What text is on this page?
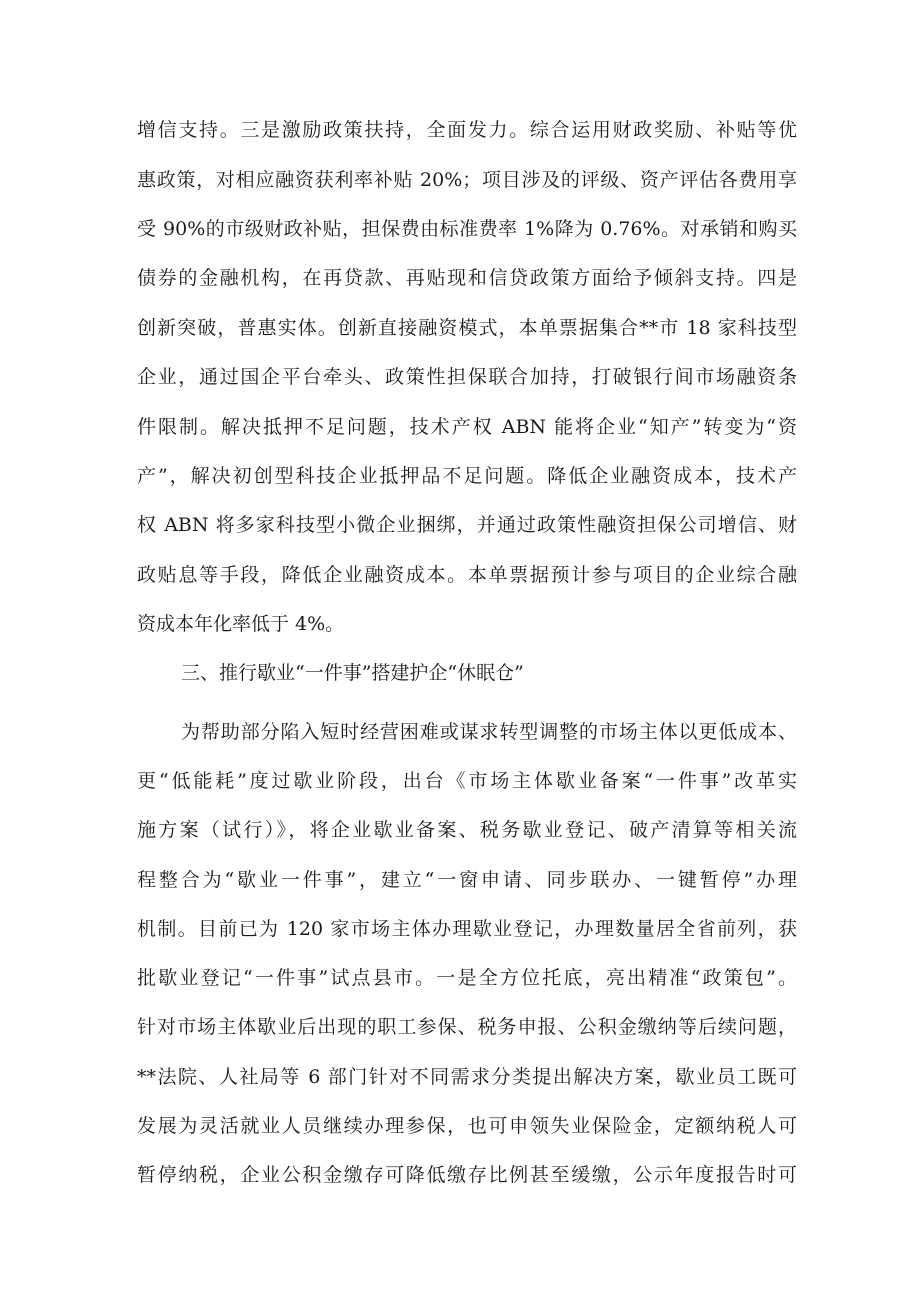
增信支持。三是激励政策扶持，全面发力。综合运用财政奖励、补贴等优
惠政策，对相应融资获利率补贴 20%；项目涉及的评级、资产评估各费用享
受 90%的市级财政补贴，担保费由标准费率 1%降为 0.76%。对承销和购买
债券的金融机构，在再贷款、再贴现和信贷政策方面给予倾斜支持。四是
创新突破，普惠实体。创新直接融资模式，本单票据集合**市 18 家科技型
企业，通过国企平台牵头、政策性担保联合加持，打破银行间市场融资条
件限制。解决抵押不足问题，技术产权 ABN 能将企业“知产”转变为“资
产”，解决初创型科技企业抵押品不足问题。降低企业融资成本，技术产
权 ABN 将多家科技型小微企业捆绑，并通过政策性融资担保公司增信、财
政贴息等手段，降低企业融资成本。本单票据预计参与项目的企业综合融
资成本年化率低于 4%。
三、推行歇业“一件事”搭建护企“休眠仓”
为帮助部分陷入短时经营困难或谋求转型调整的市场主体以更低成本、
更“低能耗”度过歇业阶段，出台《市场主体歇业备案“一件事”改革实
施方案（试行）》，将企业歇业备案、税务歇业登记、破产清算等相关流
程整合为“歇业一件事”，建立“一窗申请、同步联办、一键暂停”办理
机制。目前已为 120 家市场主体办理歇业登记，办理数量居全省前列，获
批歇业登记“一件事”试点县市。一是全方位托底，亮出精准“政策包”。
针对市场主体歇业后出现的职工参保、税务申报、公积金缴纳等后续问题，
**法院、人社局等 6 部门针对不同需求分类提出解决方案，歇业员工既可
发展为灵活就业人员继续办理参保，也可申领失业保险金，定额纳税人可
暂停纳税，企业公积金缴存可降低缴存比例甚至缓缴，公示年度报告时可
